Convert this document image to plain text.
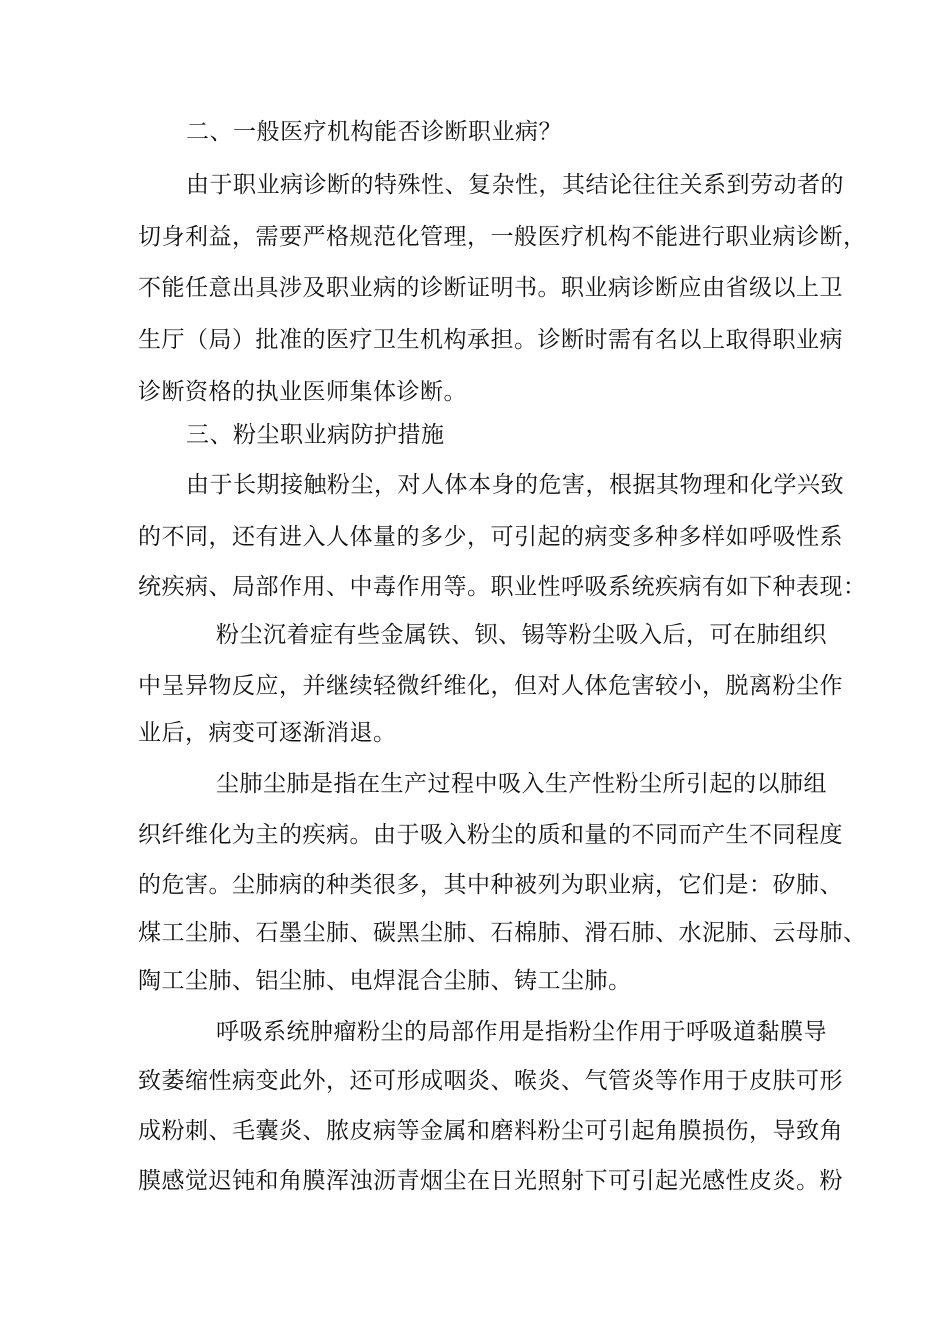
二、一般医疗机构能否诊断职业病？
由于职业病诊断的特殊性、复杂性，其结论往往关系到劳动者的
切身利益，需要严格规范化管理，一般医疗机构不能进行职业病诊断，
不能任意出具涉及职业病的诊断证明书。职业病诊断应由省级以上卫
生厅（局）批准的医疗卫生机构承担。诊断时需有名以上取得职业病
诊断资格的执业医师集体诊断。
三、粉尘职业病防护措施
由于长期接触粉尘，对人体本身的危害，根据其物理和化学兴致
的不同，还有进入人体量的多少，可引起的病变多种多样如呼吸性系
统疾病、局部作用、中毒作用等。职业性呼吸系统疾病有如下种表现：
粉尘沉着症有些金属铁、钡、锡等粉尘吸入后，可在肺组织
中呈异物反应，并继续轻微纤维化，但对人体危害较小，脱离粉尘作
业后，病变可逐渐消退。
尘肺尘肺是指在生产过程中吸入生产性粉尘所引起的以肺组
织纤维化为主的疾病。由于吸入粉尘的质和量的不同而产生不同程度
的危害。尘肺病的种类很多，其中种被列为职业病，它们是：矽肺、
煤工尘肺、石墨尘肺、碳黑尘肺、石棉肺、滑石肺、水泥肺、云母肺、
陶工尘肺、铝尘肺、电焊混合尘肺、铸工尘肺。
呼吸系统肿瘤粉尘的局部作用是指粉尘作用于呼吸道黏膜导
致萎缩性病变此外，还可形成咽炎、喉炎、气管炎等作用于皮肤可形
成粉刺、毛囊炎、脓皮病等金属和磨料粉尘可引起角膜损伤，导致角
膜感觉迟钝和角膜浑浊沥青烟尘在日光照射下可引起光感性皮炎。粉
